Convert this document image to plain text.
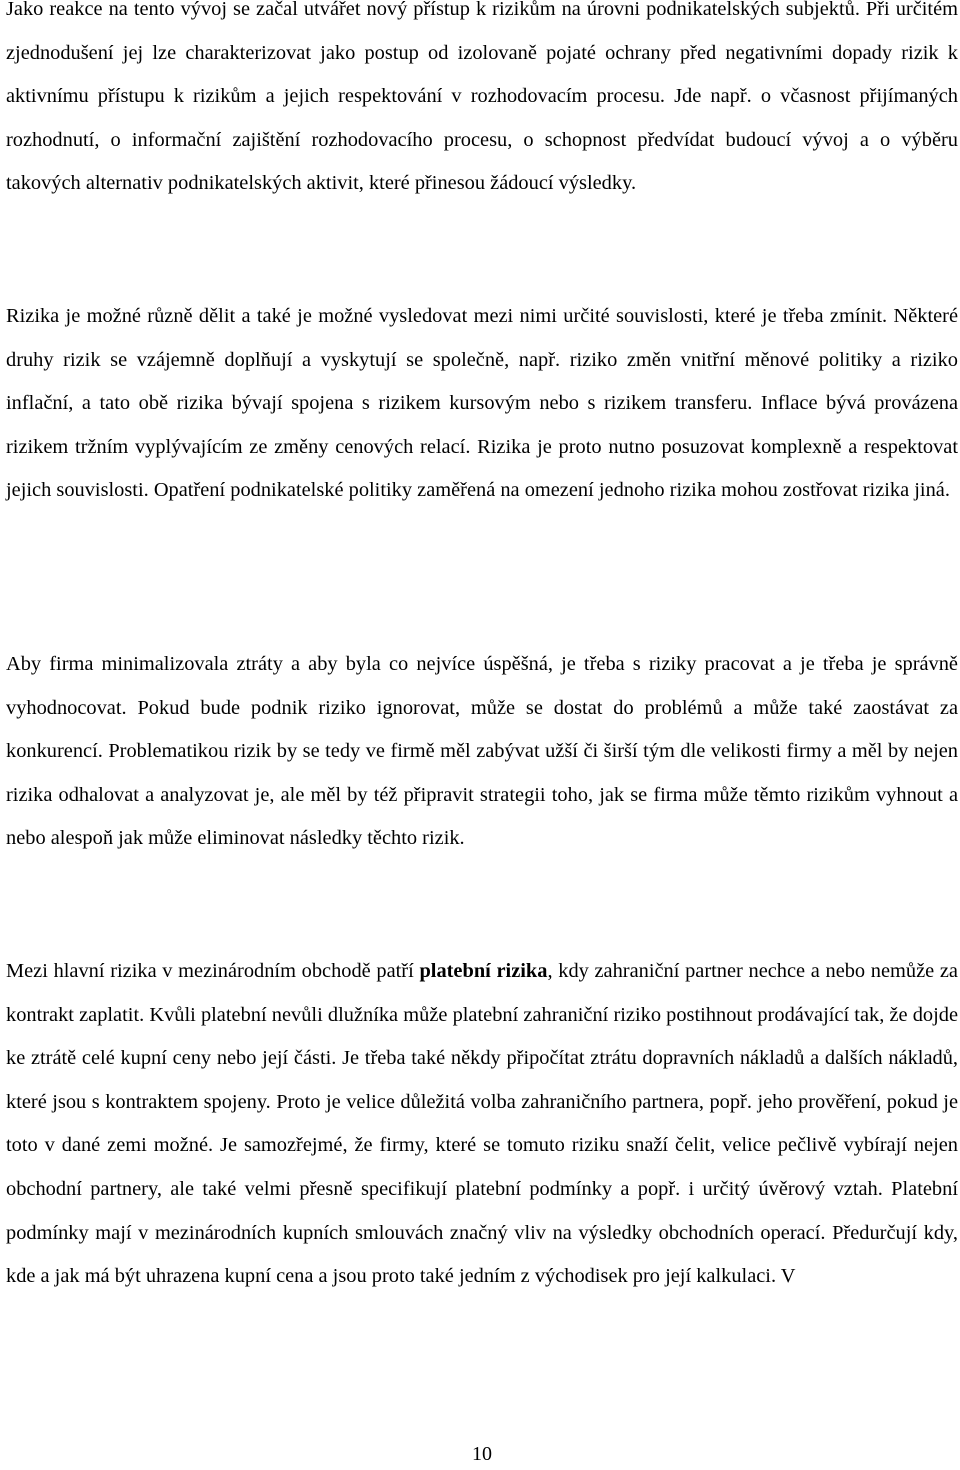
Jako reakce na tento vývoj se začal utvářet nový přístup k rizikům na úrovni podnikatelských subjektů. Při určitém zjednodušení jej lze charakterizovat jako postup od izolovaně pojaté ochrany před negativními dopady rizik k aktivnímu přístupu k rizikům a jejich respektování v rozhodovacím procesu. Jde např. o včasnost přijímaných rozhodnutí, o informační zajištění rozhodovacího procesu, o schopnost předvídat budoucí vývoj a o výběru takových alternativ podnikatelských aktivit, které přinesou žádoucí výsledky.

Rizika je možné různě dělit a také je možné vysledovat mezi nimi určité souvislosti, které je třeba zmínit. Některé druhy rizik se vzájemně doplňují a vyskytují se společně, např. riziko změn vnitřní měnové politiky a riziko inflační, a tato obě rizika bývají spojena s rizikem kursovým nebo s rizikem transferu. Inflace bývá provázena rizikem tržním vyplývajícím ze změny cenových relací. Rizika je proto nutno posuzovat komplexně a respektovat jejich souvislosti. Opatření podnikatelské politiky zaměřená na omezení jednoho rizika mohou zostřovat rizika jiná.

Aby firma minimalizovala ztráty a aby byla co nejvíce úspěšná, je třeba s riziky pracovat a je třeba je správně vyhodnocovat. Pokud bude podnik riziko ignorovat, může se dostat do problémů a může také zaostávat za konkurencí. Problematikou rizik by se tedy ve firmě měl zabývat užší či širší tým dle velikosti firmy a měl by nejen rizika odhalovat a analyzovat je, ale měl by též připravit strategii toho, jak se firma může těmto rizikům vyhnout a nebo alespoň jak může eliminovat následky těchto rizik.

Mezi hlavní rizika v mezinárodním obchodě patří platební rizika, kdy zahraniční partner nechce a nebo nemůže za kontrakt zaplatit. Kvůli platební nevůli dlužníka může platební zahraniční riziko postihnout prodávající tak, že dojde ke ztrátě celé kupní ceny nebo její části. Je třeba také někdy připočítat ztrátu dopravních nákladů a dalších nákladů, které jsou s kontraktem spojeny. Proto je velice důležitá volba zahraničního partnera, popř. jeho prověření, pokud je toto v dané zemi možné. Je samozřejmé, že firmy, které se tomuto riziku snaží čelit, velice pečlivě vybírají nejen obchodní partnery, ale také velmi přesně specifikují platební podmínky a popř. i určitý úvěrový vztah. Platební podmínky mají v mezinárodních kupních smlouvách značný vliv na výsledky obchodních operací. Předurčují kdy, kde a jak má být uhrazena kupní cena a jsou proto také jedním z východisek pro její kalkulaci. V

10
